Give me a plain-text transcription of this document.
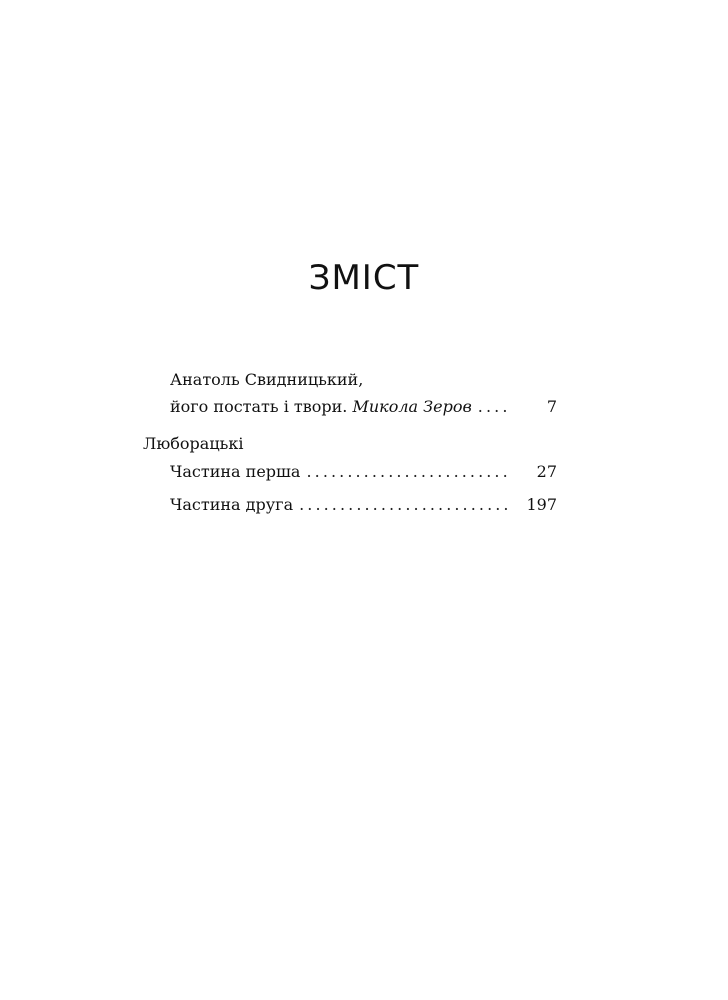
ЗМІСТ
Анатоль Свидницький,
його постать і твори. Микола Зеров . . .	7
Люборацькі
Частина перша . . .	27
Частина друга . . .	197
